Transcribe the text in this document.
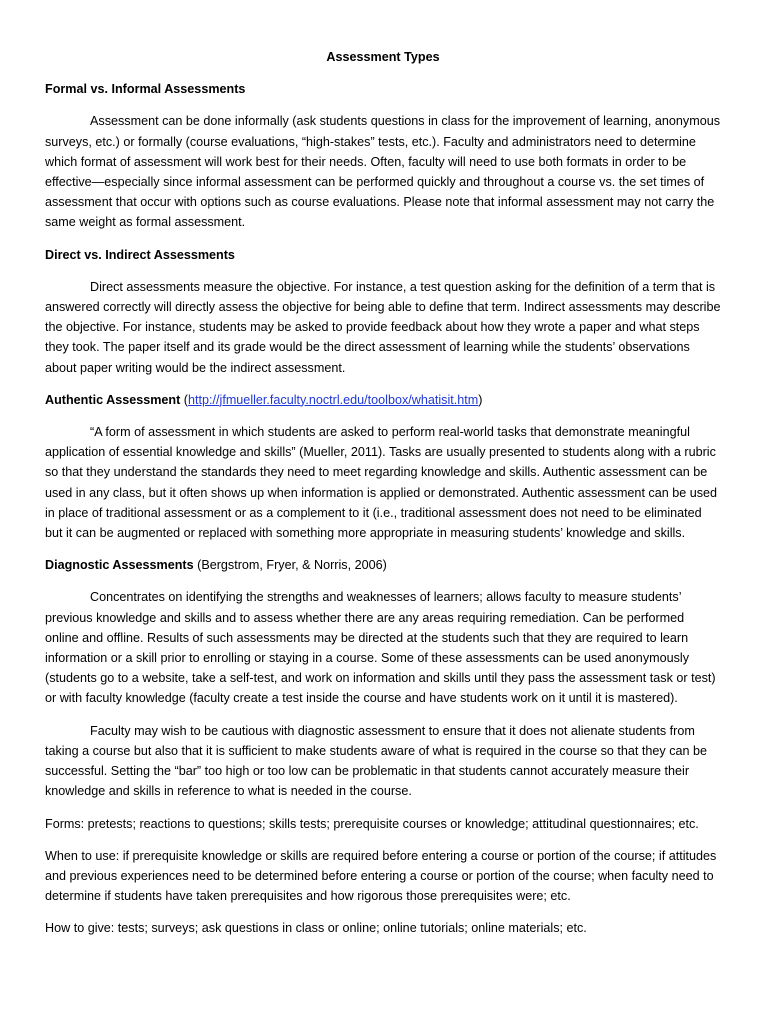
Assessment Types
Formal vs. Informal Assessments
Assessment can be done informally (ask students questions in class for the improvement of learning, anonymous surveys, etc.) or formally (course evaluations, “high-stakes” tests, etc.). Faculty and administrators need to determine which format of assessment will work best for their needs. Often, faculty will need to use both formats in order to be effective—especially since informal assessment can be performed quickly and throughout a course vs. the set times of assessment that occur with options such as course evaluations. Please note that informal assessment may not carry the same weight as formal assessment.
Direct vs. Indirect Assessments
Direct assessments measure the objective. For instance, a test question asking for the definition of a term that is answered correctly will directly assess the objective for being able to define that term. Indirect assessments may describe the objective. For instance, students may be asked to provide feedback about how they wrote a paper and what steps they took. The paper itself and its grade would be the direct assessment of learning while the students’ observations about paper writing would be the indirect assessment.
Authentic Assessment (http://jfmueller.faculty.noctrl.edu/toolbox/whatisit.htm)
“A form of assessment in which students are asked to perform real-world tasks that demonstrate meaningful application of essential knowledge and skills” (Mueller, 2011). Tasks are usually presented to students along with a rubric so that they understand the standards they need to meet regarding knowledge and skills. Authentic assessment can be used in any class, but it often shows up when information is applied or demonstrated. Authentic assessment can be used in place of traditional assessment or as a complement to it (i.e., traditional assessment does not need to be eliminated but it can be augmented or replaced with something more appropriate in measuring students’ knowledge and skills.
Diagnostic Assessments (Bergstrom, Fryer, & Norris, 2006)
Concentrates on identifying the strengths and weaknesses of learners; allows faculty to measure students’ previous knowledge and skills and to assess whether there are any areas requiring remediation. Can be performed online and offline. Results of such assessments may be directed at the students such that they are required to learn information or a skill prior to enrolling or staying in a course. Some of these assessments can be used anonymously (students go to a website, take a self-test, and work on information and skills until they pass the assessment task or test) or with faculty knowledge (faculty create a test inside the course and have students work on it until it is mastered).
Faculty may wish to be cautious with diagnostic assessment to ensure that it does not alienate students from taking a course but also that it is sufficient to make students aware of what is required in the course so that they can be successful. Setting the “bar” too high or too low can be problematic in that students cannot accurately measure their knowledge and skills in reference to what is needed in the course.
Forms: pretests; reactions to questions; skills tests; prerequisite courses or knowledge; attitudinal questionnaires; etc.
When to use: if prerequisite knowledge or skills are required before entering a course or portion of the course; if attitudes and previous experiences need to be determined before entering a course or portion of the course; when faculty need to determine if students have taken prerequisites and how rigorous those prerequisites were; etc.
How to give: tests; surveys; ask questions in class or online; online tutorials; online materials; etc.
